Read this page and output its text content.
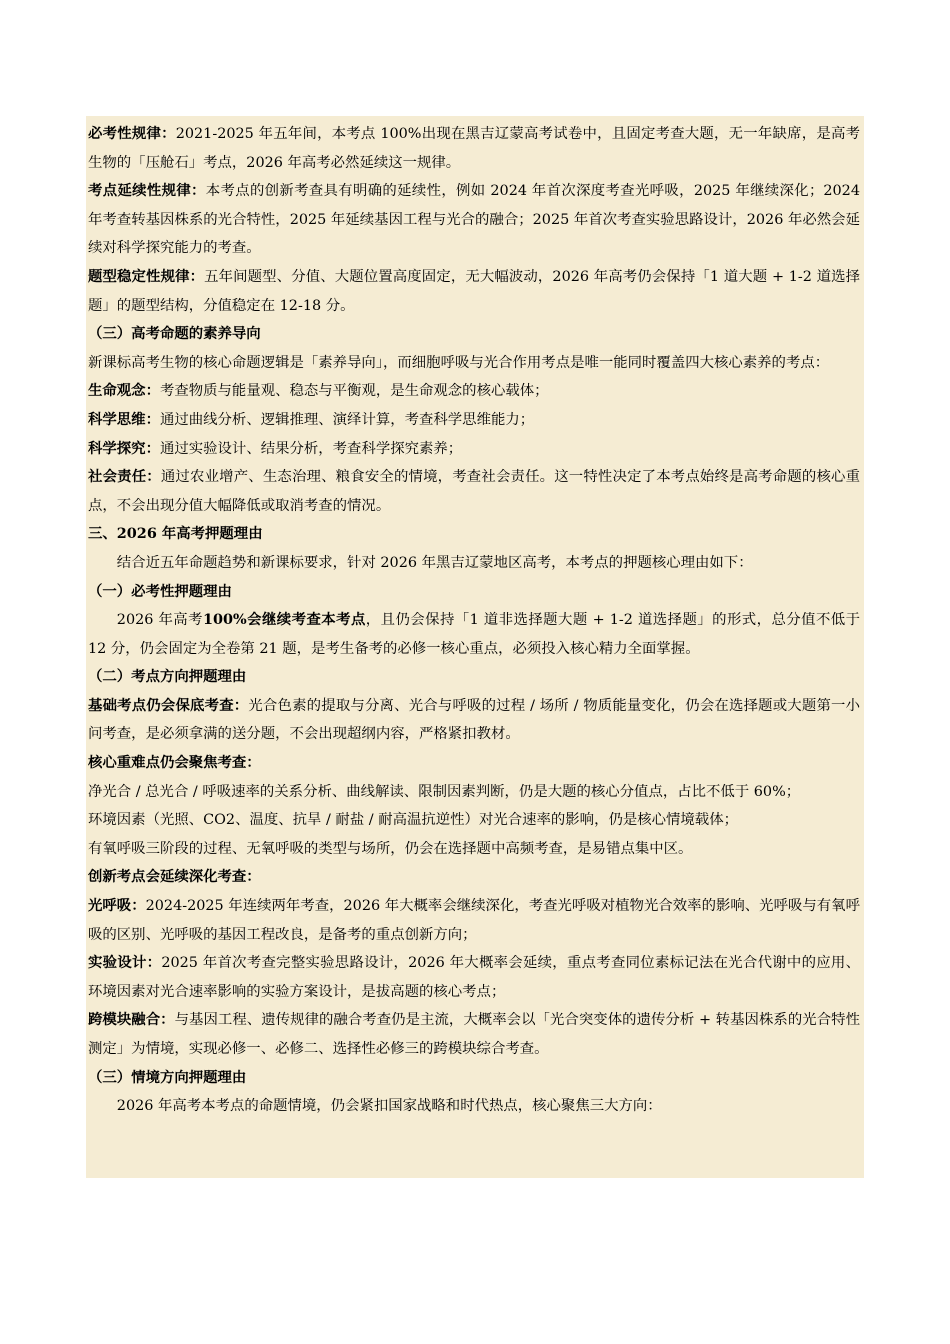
必考性规律：2021-2025 年五年间，本考点 100%出现在黑吉辽蒙高考试卷中，且固定考查大题，无一年缺席，是高考生物的「压舱石」考点，2026 年高考必然延续这一规律。

考点延续性规律：本考点的创新考查具有明确的延续性，例如 2024 年首次深度考查光呼吸，2025 年继续深化；2024 年考查转基因株系的光合特性，2025 年延续基因工程与光合的融合；2025 年首次考查实验思路设计，2026 年必然会延续对科学探究能力的考查。

题型稳定性规律：五年间题型、分值、大题位置高度固定，无大幅波动，2026 年高考仍会保持「1 道大题 + 1-2 道选择题」的题型结构，分值稳定在 12-18 分。

（三）高考命题的素养导向

新课标高考生物的核心命题逻辑是「素养导向」，而细胞呼吸与光合作用考点是唯一能同时覆盖四大核心素养的考点：

生命观念：考查物质与能量观、稳态与平衡观，是生命观念的核心载体；

科学思维：通过曲线分析、逻辑推理、演绎计算，考查科学思维能力；

科学探究：通过实验设计、结果分析，考查科学探究素养；

社会责任：通过农业增产、生态治理、粮食安全的情境，考查社会责任。这一特性决定了本考点始终是高考命题的核心重点，不会出现分值大幅降低或取消考查的情况。

三、2026 年高考押题理由

结合近五年命题趋势和新课标要求，针对 2026 年黑吉辽蒙地区高考，本考点的押题核心理由如下：

（一）必考性押题理由

2026 年高考100%会继续考查本考点，且仍会保持「1 道非选择题大题 + 1-2 道选择题」的形式，总分值不低于 12 分，仍会固定为全卷第 21 题，是考生备考的必修一核心重点，必须投入核心精力全面掌握。

（二）考点方向押题理由

基础考点仍会保底考查：光合色素的提取与分离、光合与呼吸的过程 / 场所 / 物质能量变化，仍会在选择题或大题第一小问考查，是必须拿满的送分题，不会出现超纲内容，严格紧扣教材。

核心重难点仍会聚焦考查：

净光合 / 总光合 / 呼吸速率的关系分析、曲线解读、限制因素判断，仍是大题的核心分值点，占比不低于 60%；

环境因素（光照、CO2、温度、抗旱 / 耐盐 / 耐高温抗逆性）对光合速率的影响，仍是核心情境载体；

有氧呼吸三阶段的过程、无氧呼吸的类型与场所，仍会在选择题中高频考查，是易错点集中区。

创新考点会延续深化考查：

光呼吸：2024-2025 年连续两年考查，2026 年大概率会继续深化，考查光呼吸对植物光合效率的影响、光呼吸与有氧呼吸的区别、光呼吸的基因工程改良，是备考的重点创新方向；

实验设计：2025 年首次考查完整实验思路设计，2026 年大概率会延续，重点考查同位素标记法在光合代谢中的应用、环境因素对光合速率影响的实验方案设计，是拔高题的核心考点；

跨模块融合：与基因工程、遗传规律的融合考查仍是主流，大概率会以「光合突变体的遗传分析 + 转基因株系的光合特性测定」为情境，实现必修一、必修二、选择性必修三的跨模块综合考查。

（三）情境方向押题理由

2026 年高考本考点的命题情境，仍会紧扣国家战略和时代热点，核心聚焦三大方向：
